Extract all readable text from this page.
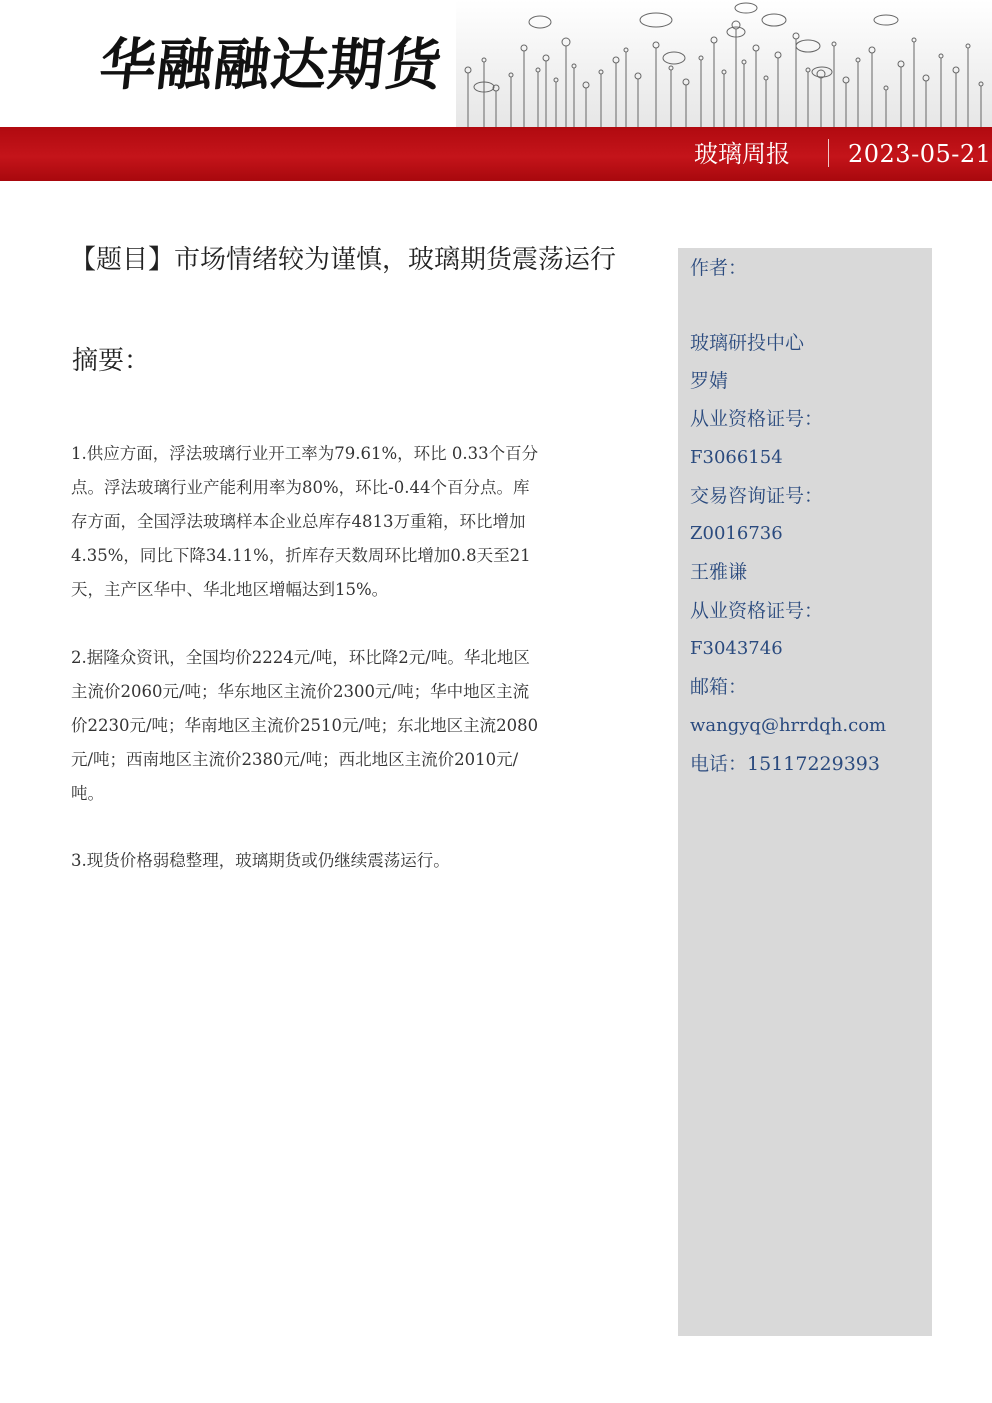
华融融达期货
玻璃周报 2023-05-21
【题目】市场情绪较为谨慎，玻璃期货震荡运行
摘要：

1.供应方面，浮法玻璃行业开工率为79.61%，环比 0.33个百分
点。浮法玻璃行业产能利用率为80%，环比-0.44个百分点。库
存方面，全国浮法玻璃样本企业总库存4813万重箱，环比增加
4.35%，同比下降34.11%，折库存天数周环比增加0.8天至21
天，主产区华中、华北地区增幅达到15%。

2.据隆众资讯，全国均价2224元/吨，环比降2元/吨。华北地区
主流价2060元/吨；华东地区主流价2300元/吨；华中地区主流
价2230元/吨；华南地区主流价2510元/吨；东北地区主流2080
元/吨；西南地区主流价2380元/吨；西北地区主流价2010元/
吨。

3.现货价格弱稳整理，玻璃期货或仍继续震荡运行。

作者：
玻璃研投中心
罗婧
从业资格证号：
F3066154
交易咨询证号：
Z0016736
王雅谦
从业资格证号：
F3043746
邮箱：
wangyq@hrrdqh.com
电话：15117229393
